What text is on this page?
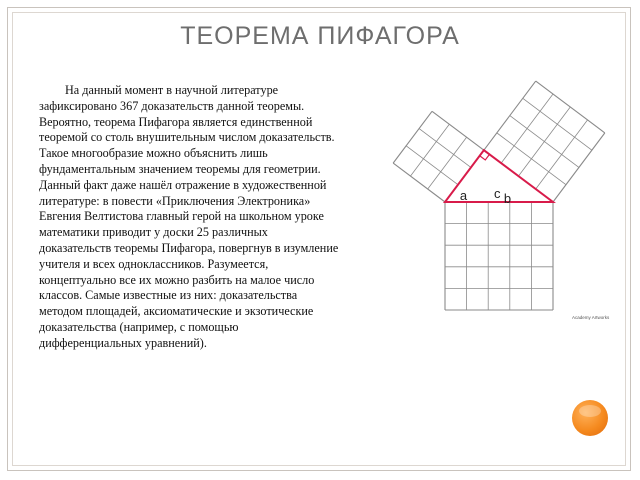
ТЕОРЕМА ПИФАГОРА

На данный момент в научной литературе зафиксировано 367 доказательств данной теоремы. Вероятно, теорема Пифагора является единственной теоремой со столь внушительным числом доказательств. Такое многообразие можно объяснить лишь фундаментальным значением теоремы для геометрии. Данный факт даже нашёл отражение в художественной литературе: в повести «Приключения Электроника» Евгения Велтистова главный герой на школьном уроке математики приводит у доски 25 различных доказательств теоремы Пифагора, повергнув в изумление учителя и всех одноклассников. Разумеется, концептуально все их можно разбить на малое число классов. Самые известные из них: доказательства методом площадей, аксиоматические и экзотические доказательства (например, с помощью дифференциальных уравнений).

a	b
c
Academy Artworks
